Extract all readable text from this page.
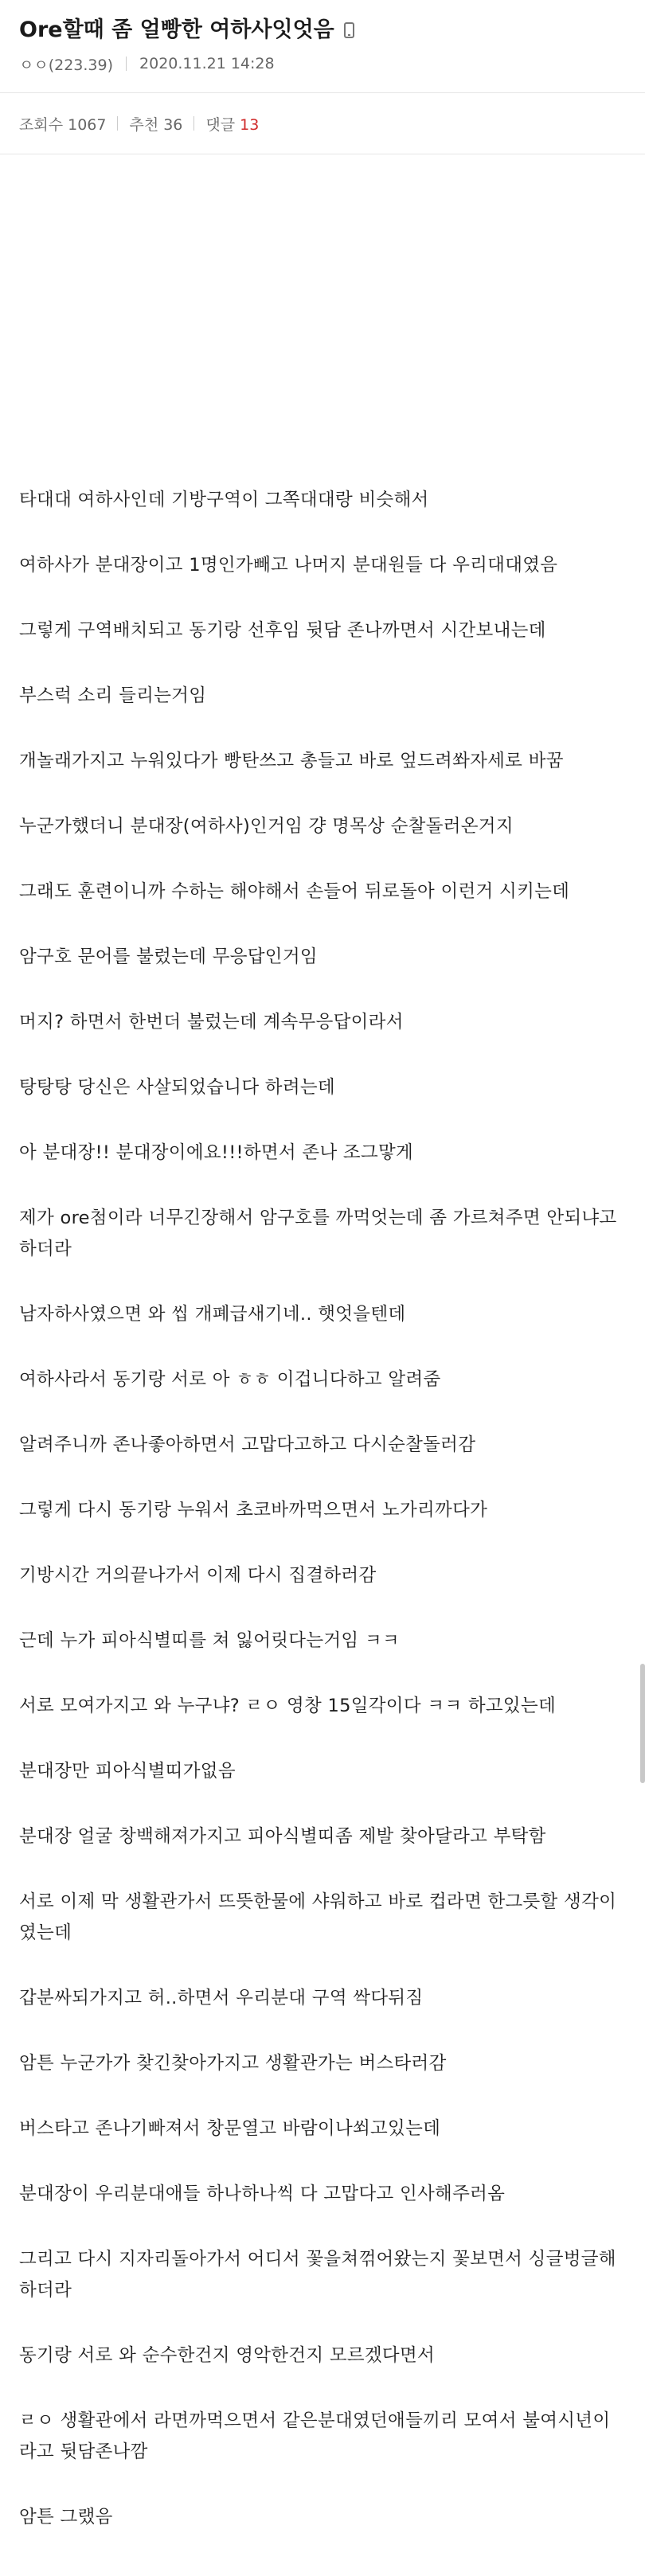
Ore할때 좀 얼빵한 여하사잇엇음
ㅇㅇ(223.39) 2020.11.21 14:28
조회수 1067 추천 36 댓글 13

타대대 여하사인데 기방구역이 그쪽대대랑 비슷해서

여하사가 분대장이고 1명인가빼고 나머지 분대원들 다 우리대대였음

그렇게 구역배치되고 동기랑 선후임 뒷담 존나까면서 시간보내는데

부스럭 소리 들리는거임

개놀래가지고 누워있다가 빵탄쓰고 총들고 바로 엎드려쏴자세로 바꿈

누군가했더니 분대장(여하사)인거임 걍 명목상 순찰돌러온거지

그래도 훈련이니까 수하는 해야해서 손들어 뒤로돌아 이런거 시키는데

암구호 문어를 불렀는데 무응답인거임

머지? 하면서 한번더 불렀는데 계속무응답이라서

탕탕탕 당신은 사살되었습니다 하려는데

아 분대장!! 분대장이에요!!!하면서 존나 조그맣게

제가 ore첨이라 너무긴장해서 암구호를 까먹엇는데 좀 가르쳐주면 안되냐고하더라

남자하사였으면 와 씹 개폐급새기네.. 햇엇을텐데

여하사라서 동기랑 서로 아 ㅎㅎ 이겁니다하고 알려줌

알려주니까 존나좋아하면서 고맙다고하고 다시순찰돌러감

그렇게 다시 동기랑 누워서 초코바까먹으면서 노가리까다가

기방시간 거의끝나가서 이제 다시 집결하러감

근데 누가 피아식별띠를 쳐 잃어릿다는거임 ㅋㅋ

서로 모여가지고 와 누구냐? ㄹㅇ 영창 15일각이다 ㅋㅋ 하고있는데

분대장만 피아식별띠가없음

분대장 얼굴 창백해져가지고 피아식별띠좀 제발 찾아달라고 부탁함

서로 이제 막 생활관가서 뜨뜻한물에 샤워하고 바로 컵라면 한그릇할 생각이였는데

갑분싸되가지고 허..하면서 우리분대 구역 싹다뒤짐

암튼 누군가가 찾긴찾아가지고 생활관가는 버스타러감

버스타고 존나기빠져서 창문열고 바람이나쐬고있는데

분대장이 우리분대애들 하나하나씩 다 고맙다고 인사해주러옴

그리고 다시 지자리돌아가서 어디서 꽃을쳐꺾어왔는지 꽃보면서 싱글벙글해하더라

동기랑 서로 와 순수한건지 영악한건지 모르겠다면서

ㄹㅇ 생활관에서 라면까먹으면서 같은분대였던애들끼리 모여서 불여시년이라고 뒷담존나깜

암튼 그랬음
